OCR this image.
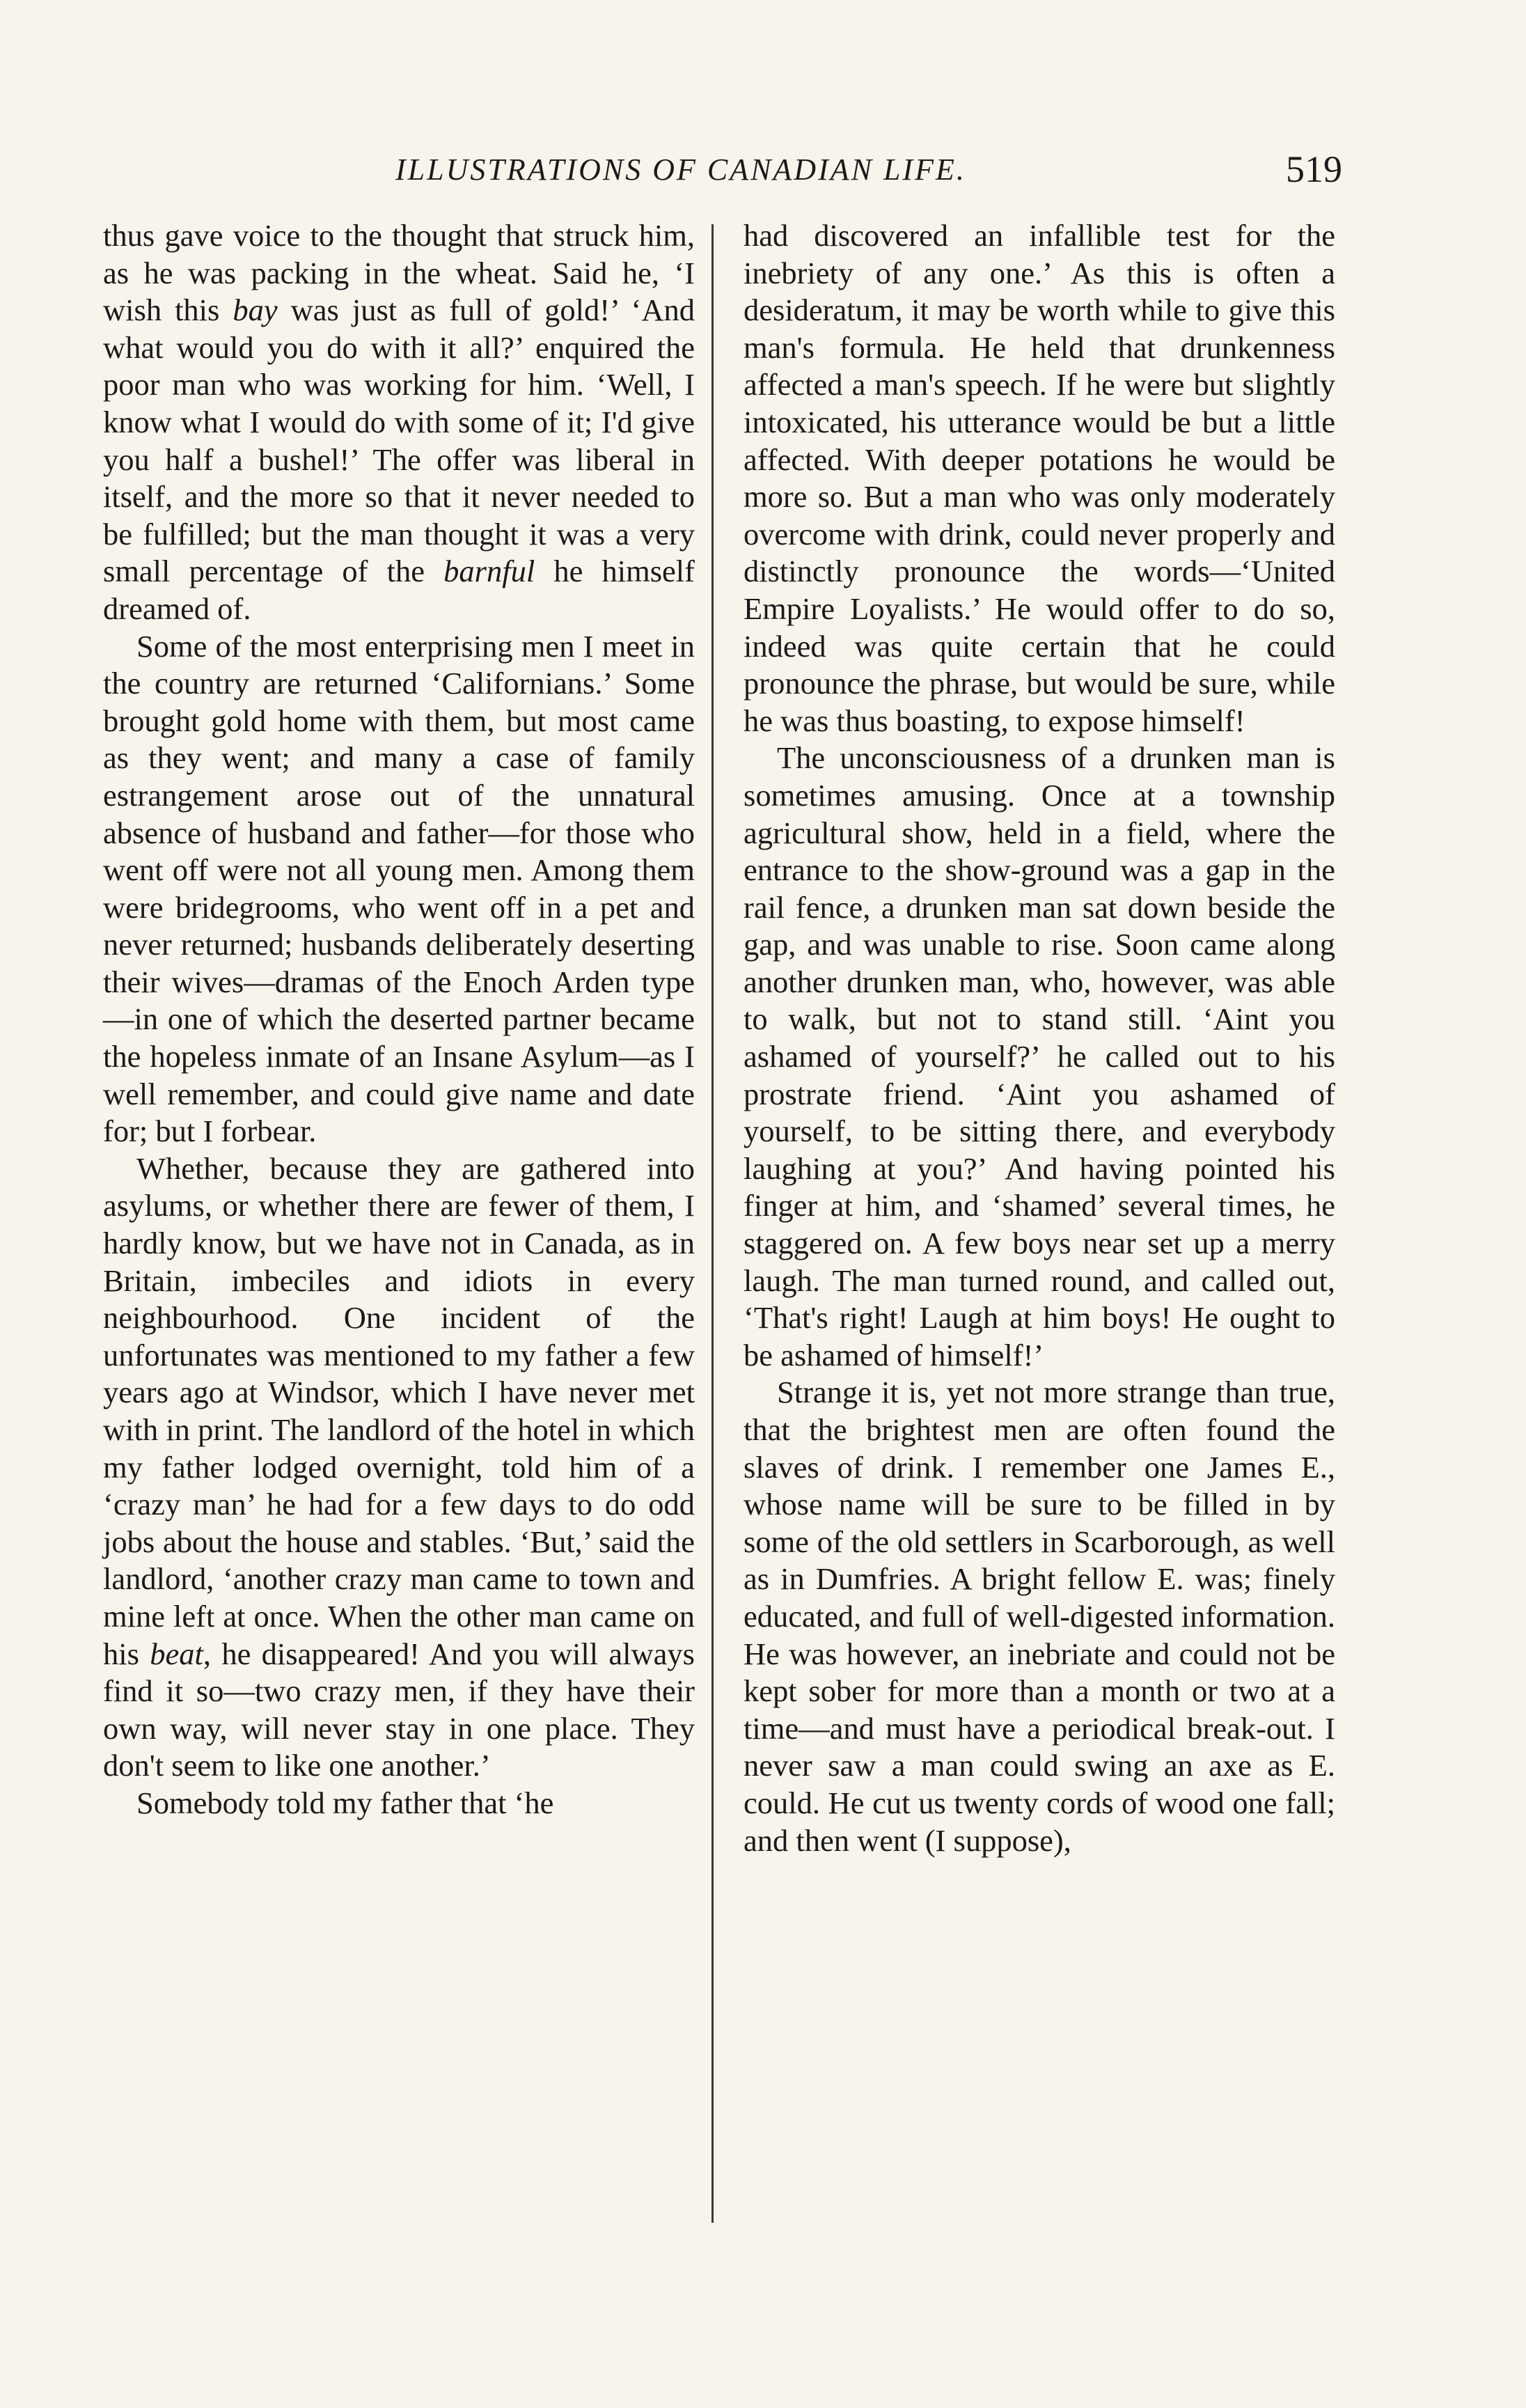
ILLUSTRATIONS OF CANADIAN LIFE.	519

thus gave voice to the thought that struck him, as he was packing in the wheat. Said he, ‘I wish this bay was just as full of gold!’ ‘And what would you do with it all?’ enquired the poor man who was working for him. ‘Well, I know what I would do with some of it; I'd give you half a bushel!’ The offer was liberal in itself, and the more so that it never needed to be fulfilled; but the man thought it was a very small percentage of the barnful he himself dreamed of.

Some of the most enterprising men I meet in the country are returned ‘Californians.’ Some brought gold home with them, but most came as they went; and many a case of family estrangement arose out of the unnatural absence of husband and father—for those who went off were not all young men. Among them were bridegrooms, who went off in a pet and never returned; husbands deliberately deserting their wives—dramas of the Enoch Arden type—in one of which the deserted partner became the hopeless inmate of an Insane Asylum—as I well remember, and could give name and date for; but I forbear.

Whether, because they are gathered into asylums, or whether there are fewer of them, I hardly know, but we have not in Canada, as in Britain, imbeciles and idiots in every neighbourhood. One incident of the unfortunates was mentioned to my father a few years ago at Windsor, which I have never met with in print. The landlord of the hotel in which my father lodged overnight, told him of a ‘crazy man’ he had for a few days to do odd jobs about the house and stables. ‘But,’ said the landlord, ‘another crazy man came to town and mine left at once. When the other man came on his beat, he disappeared! And you will always find it so—two crazy men, if they have their own way, will never stay in one place. They don't seem to like one another.’

Somebody told my father that ‘he

had discovered an infallible test for the inebriety of any one.’ As this is often a desideratum, it may be worth while to give this man's formula. He held that drunkenness affected a man's speech. If he were but slightly intoxicated, his utterance would be but a little affected. With deeper potations he would be more so. But a man who was only moderately overcome with drink, could never properly and distinctly pronounce the words—‘United Empire Loyalists.’ He would offer to do so, indeed was quite certain that he could pronounce the phrase, but would be sure, while he was thus boasting, to expose himself!

The unconsciousness of a drunken man is sometimes amusing. Once at a township agricultural show, held in a field, where the entrance to the show-ground was a gap in the rail fence, a drunken man sat down beside the gap, and was unable to rise. Soon came along another drunken man, who, however, was able to walk, but not to stand still. ‘Aint you ashamed of yourself?’ he called out to his prostrate friend. ‘Aint you ashamed of yourself, to be sitting there, and everybody laughing at you?’ And having pointed his finger at him, and ‘shamed’ several times, he staggered on. A few boys near set up a merry laugh. The man turned round, and called out, ‘That's right! Laugh at him boys! He ought to be ashamed of himself!’

Strange it is, yet not more strange than true, that the brightest men are often found the slaves of drink. I remember one James E., whose name will be sure to be filled in by some of the old settlers in Scarborough, as well as in Dumfries. A bright fellow E. was; finely educated, and full of well-digested information. He was however, an inebriate and could not be kept sober for more than a month or two at a time—and must have a periodical break-out. I never saw a man could swing an axe as E. could. He cut us twenty cords of wood one fall; and then went (I suppose),
